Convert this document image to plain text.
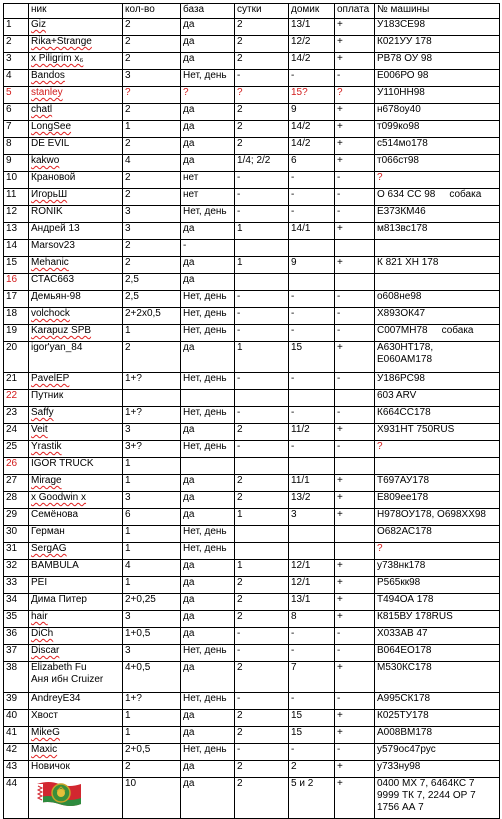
	ник	кол-во	база	сутки	домик	оплата	№ машины
1	Giz	2	да	2	13/1	+	У183СЕ98
2	Rika+Strange	2	да	2	12/2	+	К021УУ 178
3	x Piligrim x₆	2	да	2	14/2	+	РВ78 ОУ 98
4	Bandos	3	Нет, день	-	-	-	Е006РО 98
5	stanley	?	?	?	15?	?	У110НН98
6	chatl	2	да	2	9	+	н678оу40
7	LongSee	1	да	2	14/2	+	т099ко98
8	DE EVIL	2	да	2	14/2	+	с514мо178
9	kakwo	4	да	1/4; 2/2	6	+	т066ст98
10	Крановой	2	нет	-	-	-	?
11	ИгорьШ	2	нет	-	-	-	О 634 СС 98 собака
12	RONIK	3	Нет, день	-	-	-	Е373КМ46
13	Андрей 13	3	да	1	14/1	+	м813вс178
14	Marsov23	2	-				
15	Mehanic	2	да	1	9	+	К 821 ХН 178
16	СТАС663	2,5	да				
17	Демьян-98	2,5	Нет, день	-	-	-	о608не98
18	volchock	2+2x0,5	Нет, день	-	-	-	Х893ОК47
19	Karapuz SPB	1	Нет, день	-	-	-	С007МН78 собака
20	igor'yan_84	2	да	1	15	+	А630НТ178,
Е060АМ178

21	PavelEP	1+?	Нет, день	-	-	-	У186РС98
22	Путник						603 ARV
23	Saffy	1+?	Нет, день	-	-	-	К664СС178
24	Veit	3	да	2	11/2	+	Х931НТ 750RUS
25	Yrastik	3+?	Нет, день	-	-	-	?
26	IGOR TRUCK	1					
27	Mirage	1	да	2	11/1	+	Т697АУ178
28	x Goodwin x	3	да	2	13/2	+	Е809ее178
29	Семёнова	6	да	1	3	+	Н978ОУ178, О698ХХ98
30	Герман	1	Нет, день				О682АС178
31	SergAG	1	Нет, день				?
32	BAMBULA	4	да	1	12/1	+	у738нк178
33	PEI	1	да	2	12/1	+	Р565кк98
34	Дима Питер	2+0,25	да	2	13/1	+	Т494ОА 178
35	hair	3	да	2	8	+	К815ВУ 178RUS
36	DiCh	1+0,5	да	-	-	-	Х033АВ 47
37	Discar	3	Нет, день	-	-	-	В064ЕО178
38	Elizabeth Fu
Аня ибн Cruizer	4+0,5	да	2	7	+	М530КС178
39	AndreyE34	1+?	Нет, день	-	-	-	А995СК178
40	Хвост	1	да	2	15	+	К025ТУ178
41	MikeG	1	да	2	15	+	А008ВМ178
42	Maxic	2+0,5	Нет, день	-	-	-	у579ос47рус
43	Новичок	2	да	2	2	+	у733ну98
44		10	да	2	5 и 2	+	0400 МХ 7, 6464КС 7
9999 ТК 7, 2244 ОР 7
1756 АА 7
